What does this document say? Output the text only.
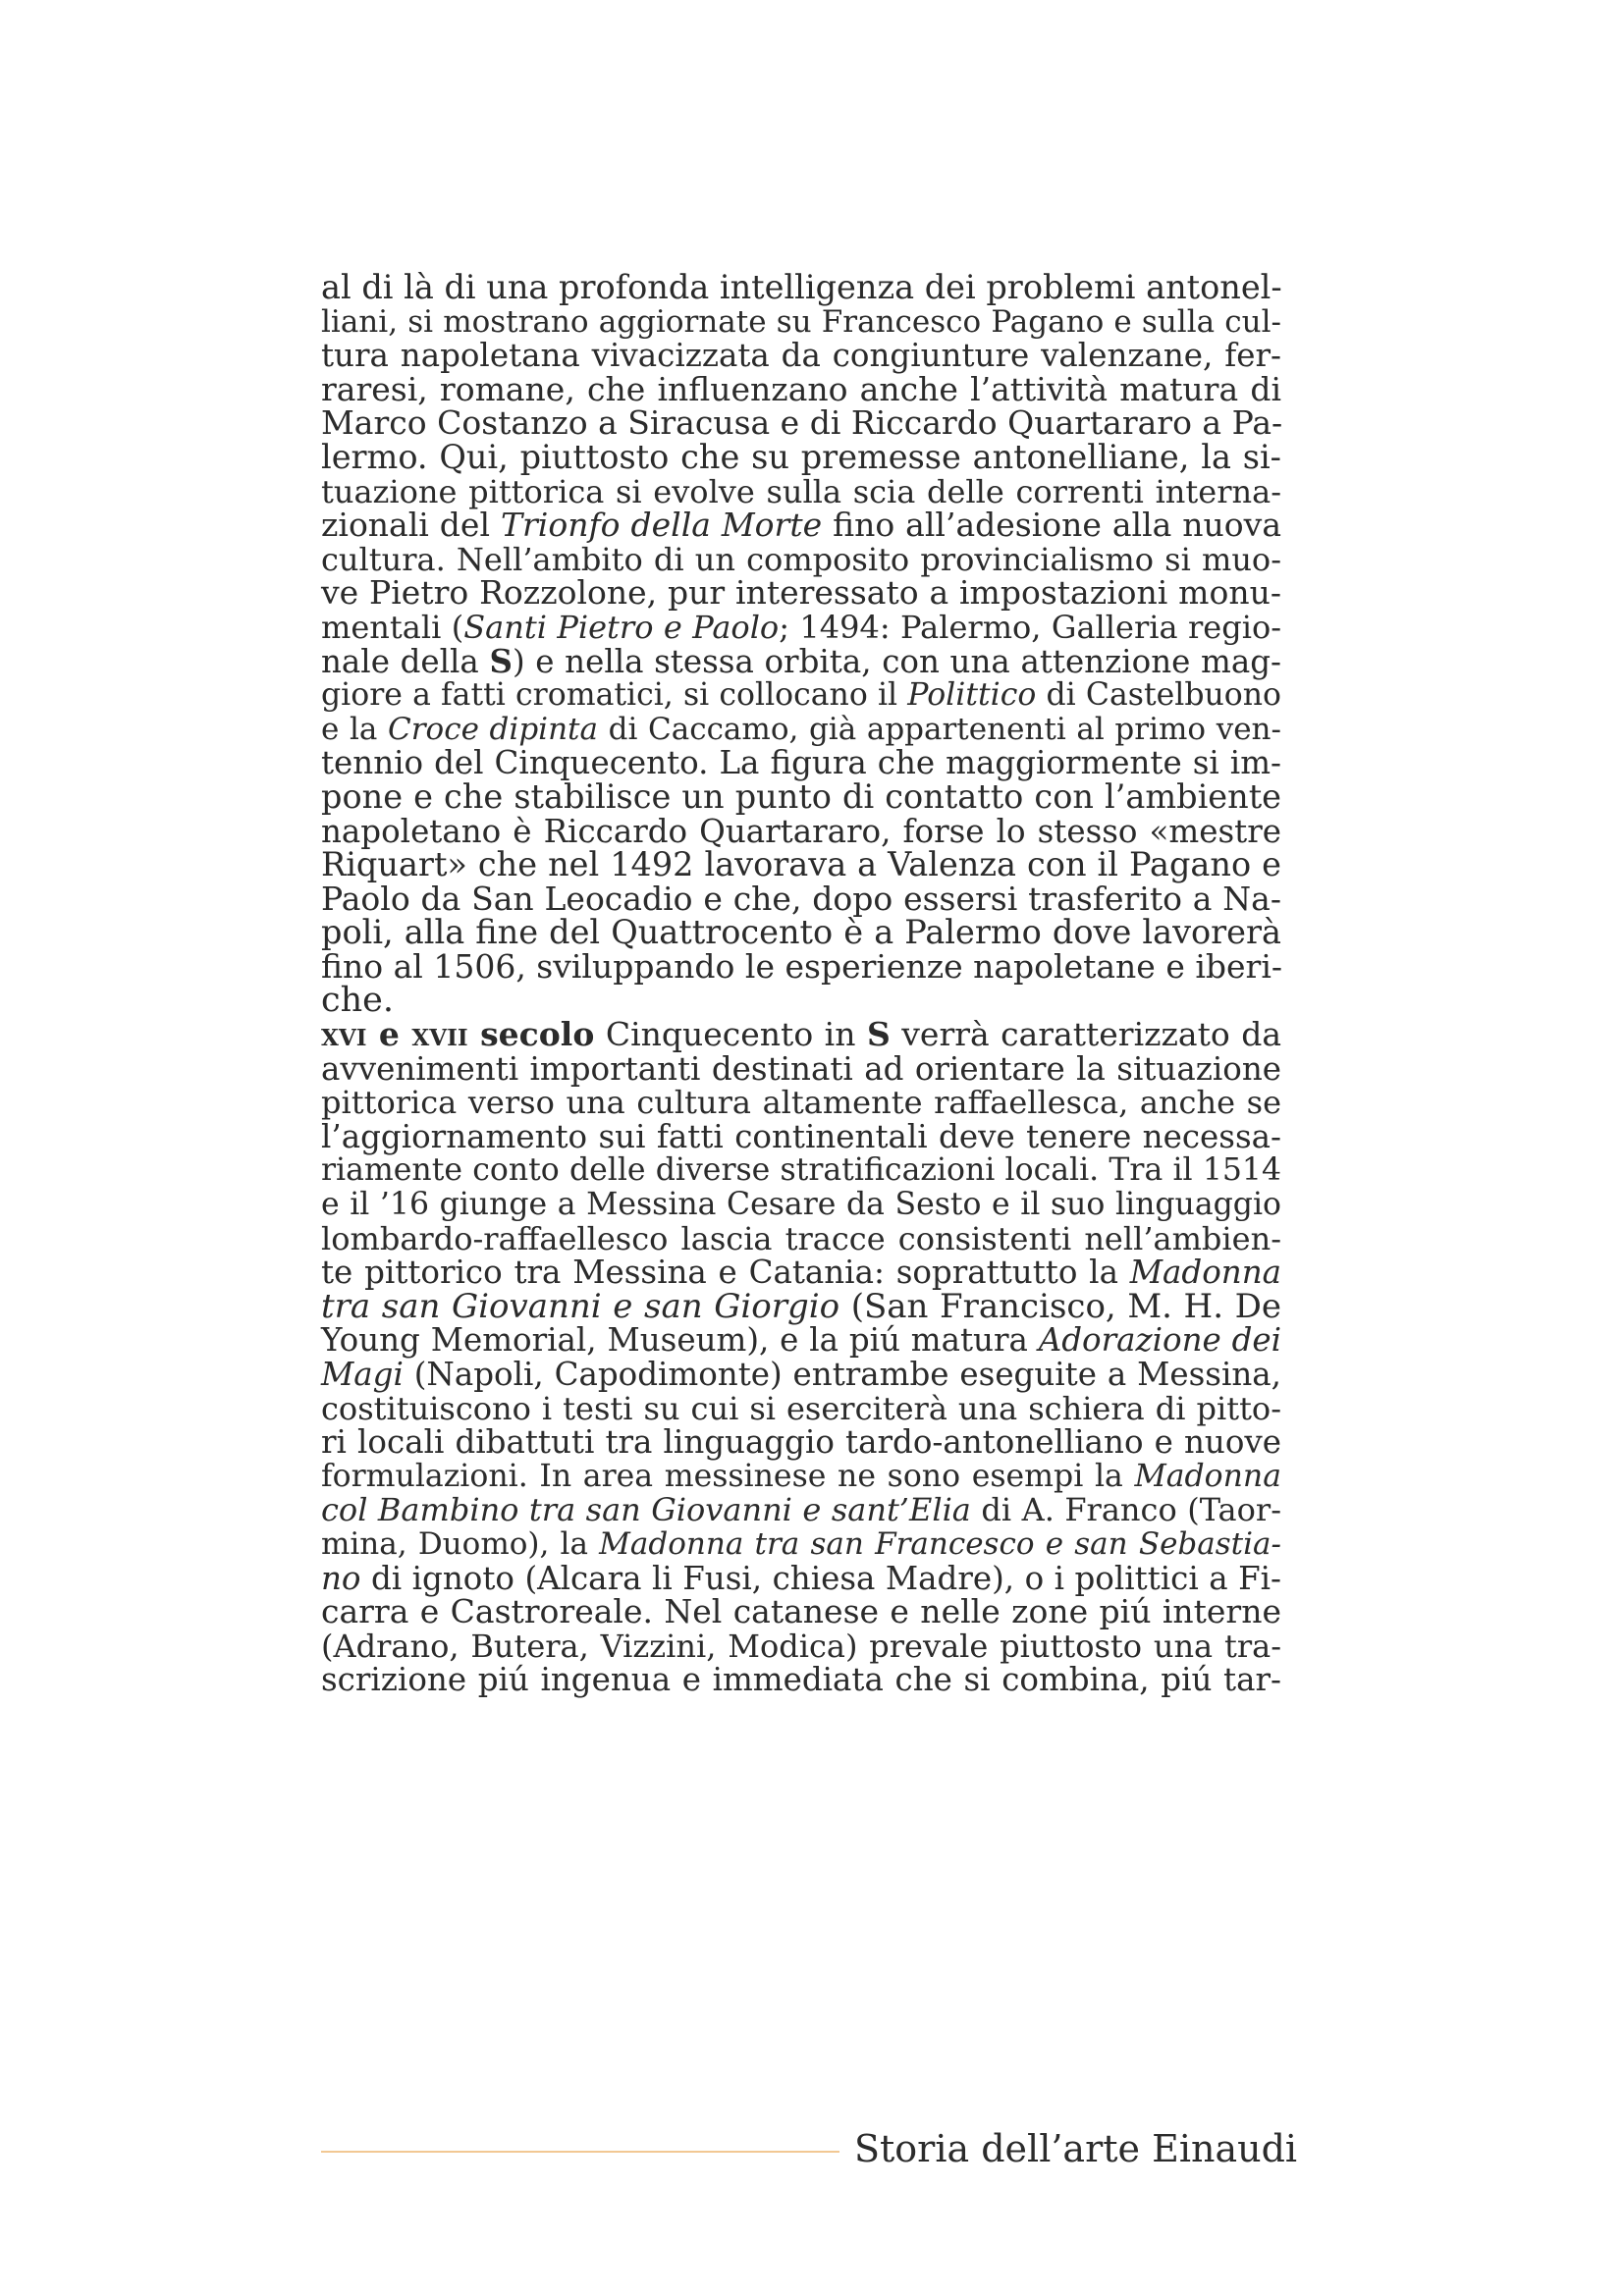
al di là di una profonda intelligenza dei problemi antonel-
liani, si mostrano aggiornate su Francesco Pagano e sulla cul-
tura napoletana vivacizzata da congiunture valenzane, fer-
raresi, romane, che influenzano anche l’attività matura di
Marco Costanzo a Siracusa e di Riccardo Quartararo a Pa-
lermo. Qui, piuttosto che su premesse antonelliane, la si-
tuazione pittorica si evolve sulla scia delle correnti interna-
zionali del Trionfo della Morte fino all’adesione alla nuova
cultura. Nell’ambito di un composito provincialismo si muo-
ve Pietro Rozzolone, pur interessato a impostazioni monu-
mentali (Santi Pietro e Paolo; 1494: Palermo, Galleria regio-
nale della S) e nella stessa orbita, con una attenzione mag-
giore a fatti cromatici, si collocano il Polittico di Castelbuono
e la Croce dipinta di Caccamo, già appartenenti al primo ven-
tennio del Cinquecento. La figura che maggiormente si im-
pone e che stabilisce un punto di contatto con l’ambiente
napoletano è Riccardo Quartararo, forse lo stesso «mestre
Riquart» che nel 1492 lavorava a Valenza con il Pagano e
Paolo da San Leocadio e che, dopo essersi trasferito a Na-
poli, alla fine del Quattrocento è a Palermo dove lavorerà
fino al 1506, sviluppando le esperienze napoletane e iberi-
che.
xvi e xvii secolo Cinquecento in S verrà caratterizzato da
avvenimenti importanti destinati ad orientare la situazione
pittorica verso una cultura altamente raffaellesca, anche se
l’aggiornamento sui fatti continentali deve tenere necessa-
riamente conto delle diverse stratificazioni locali. Tra il 1514
e il ’16 giunge a Messina Cesare da Sesto e il suo linguaggio
lombardo-raffaellesco lascia tracce consistenti nell’ambien-
te pittorico tra Messina e Catania: soprattutto la Madonna
tra san Giovanni e san Giorgio (San Francisco, M. H. De
Young Memorial, Museum), e la piú matura Adorazione dei
Magi (Napoli, Capodimonte) entrambe eseguite a Messina,
costituiscono i testi su cui si eserciterà una schiera di pitto-
ri locali dibattuti tra linguaggio tardo-antonelliano e nuove
formulazioni. In area messinese ne sono esempi la Madonna
col Bambino tra san Giovanni e sant’Elia di A. Franco (Taor-
mina, Duomo), la Madonna tra san Francesco e san Sebastia-
no di ignoto (Alcara li Fusi, chiesa Madre), o i polittici a Fi-
carra e Castroreale. Nel catanese e nelle zone piú interne
(Adrano, Butera, Vizzini, Modica) prevale piuttosto una tra-
scrizione piú ingenua e immediata che si combina, piú tar-
Storia dell’arte Einaudi
